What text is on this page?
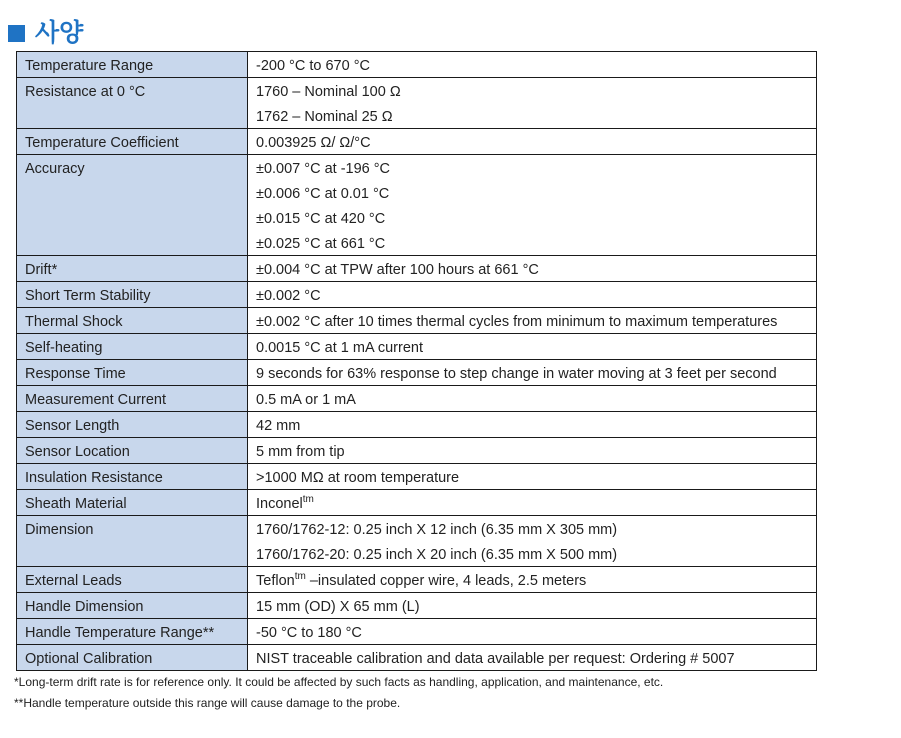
사양
Temperature Range	-200 °C to 670 °C

Resistance at 0 °C	1760 – Nominal 100 Ω
1762 – Nominal 25 Ω

Temperature Coefficient	0.003925 Ω/ Ω/°C

Accuracy	±0.007 °C at -196 °C
±0.006 °C at 0.01 °C
±0.015 °C at 420 °C
±0.025 °C at 661 °C

Drift*	±0.004 °C at TPW after 100 hours at 661 °C

Short Term Stability	±0.002 °C

Thermal Shock	±0.002 °C after 10 times thermal cycles from minimum to maximum temperatures

Self-heating	0.0015 °C at 1 mA current

Response Time	9 seconds for 63% response to step change in water moving at 3 feet per second

Measurement Current	0.5 mA or 1 mA

Sensor Length	42 mm

Sensor Location	5 mm from tip

Insulation Resistance	>1000 MΩ at room temperature

Sheath Material	Inconel$^{tm}$

Dimension	1760/1762-12: 0.25 inch X 12 inch (6.35 mm X 305 mm)
1760/1762-20: 0.25 inch X 20 inch (6.35 mm X 500 mm)

External Leads	Teflon$^{tm}$ –insulated copper wire, 4 leads, 2.5 meters

Handle Dimension	15 mm (OD) X 65 mm (L)

Handle Temperature Range**	-50 °C to 180 °C

Optional Calibration	NIST traceable calibration and data available per request: Ordering # 5007
*Long-term drift rate is for reference only. It could be affected by such facts as handling, application, and maintenance, etc.
**Handle temperature outside this range will cause damage to the probe.
